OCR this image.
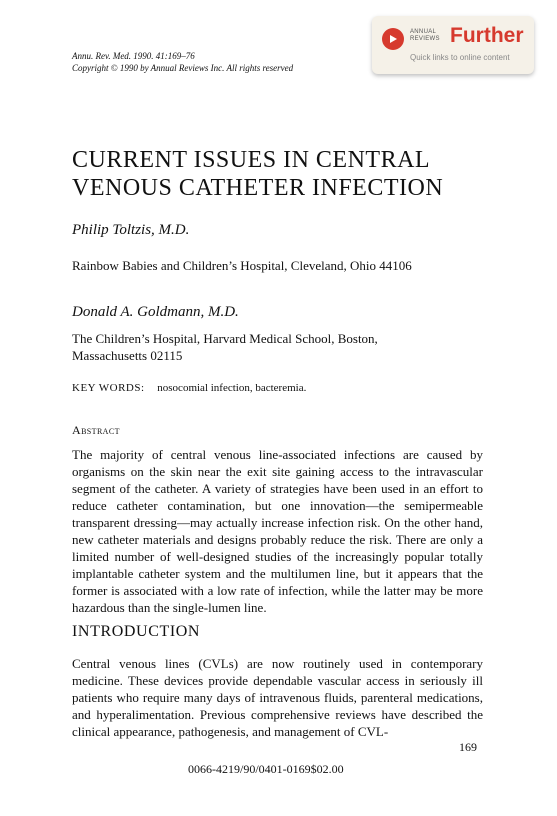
Annu. Rev. Med. 1990. 41:169–76
Copyright © 1990 by Annual Reviews Inc. All rights reserved
ANNUAL
REVIEWS Further
Quick links to online content
CURRENT ISSUES IN CENTRAL
VENOUS CATHETER INFECTION
Philip Toltzis, M.D.
Rainbow Babies and Children’s Hospital, Cleveland, Ohio 44106
Donald A. Goldmann, M.D.
The Children’s Hospital, Harvard Medical School, Boston, Massachusetts 02115
KEY WORDS: nosocomial infection, bacteremia.
Abstract
The majority of central venous line-associated infections are caused by organisms on the skin near the exit site gaining access to the intravascular segment of the catheter. A variety of strategies have been used in an effort to reduce catheter contamination, but one innovation—the semipermeable transparent dressing—may actually increase infection risk. On the other hand, new catheter materials and designs probably reduce the risk. There are only a limited number of well-designed studies of the increasingly popular totally implantable catheter system and the multilumen line, but it appears that the former is associated with a low rate of infection, while the latter may be more hazardous than the single-lumen line.
INTRODUCTION
Central venous lines (CVLs) are now routinely used in contemporary medicine. These devices provide dependable vascular access in seriously ill patients who require many days of intravenous fluids, parenteral medications, and hyperalimentation. Previous comprehensive reviews have described the clinical appearance, pathogenesis, and management of CVL-
169
0066-4219/90/0401-0169$02.00
